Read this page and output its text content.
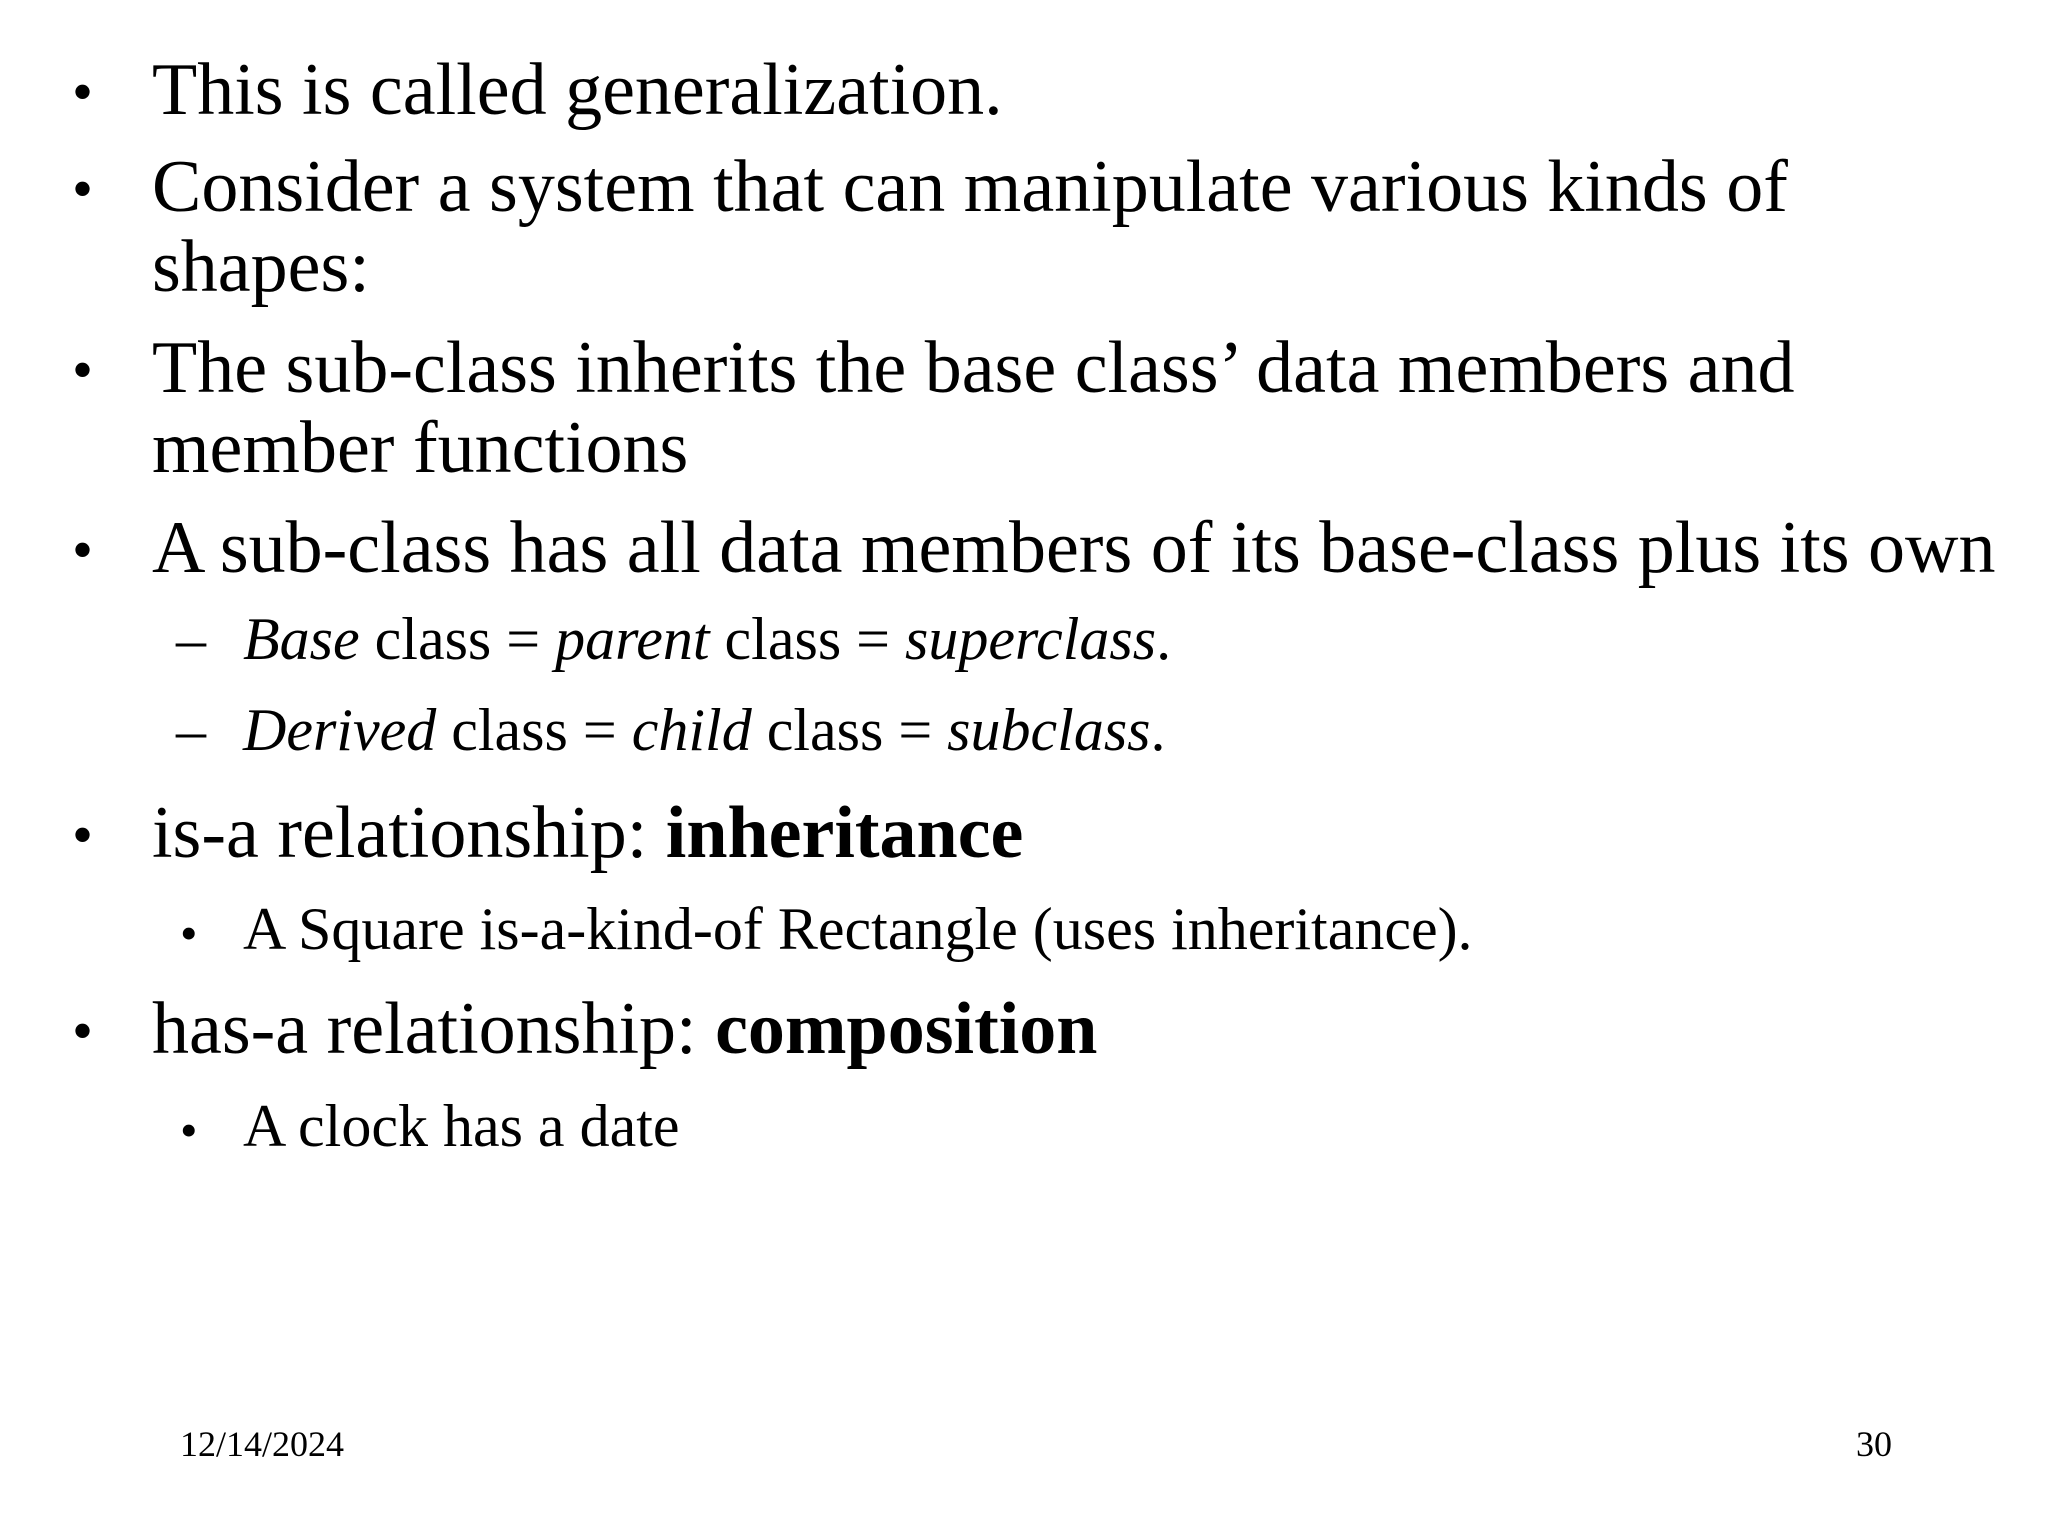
• This is called generalization.
• Consider a system that can manipulate various kinds of
shapes:
• The sub-class inherits the base class’ data members and
member functions
• A sub-class has all data members of its base-class plus its own
– Base class = parent class = superclass.
– Derived class = child class = subclass.
• is-a relationship: inheritance
• A Square is-a-kind-of Rectangle (uses inheritance).
• has-a relationship: composition
• A clock has a date
12/14/2024	30
